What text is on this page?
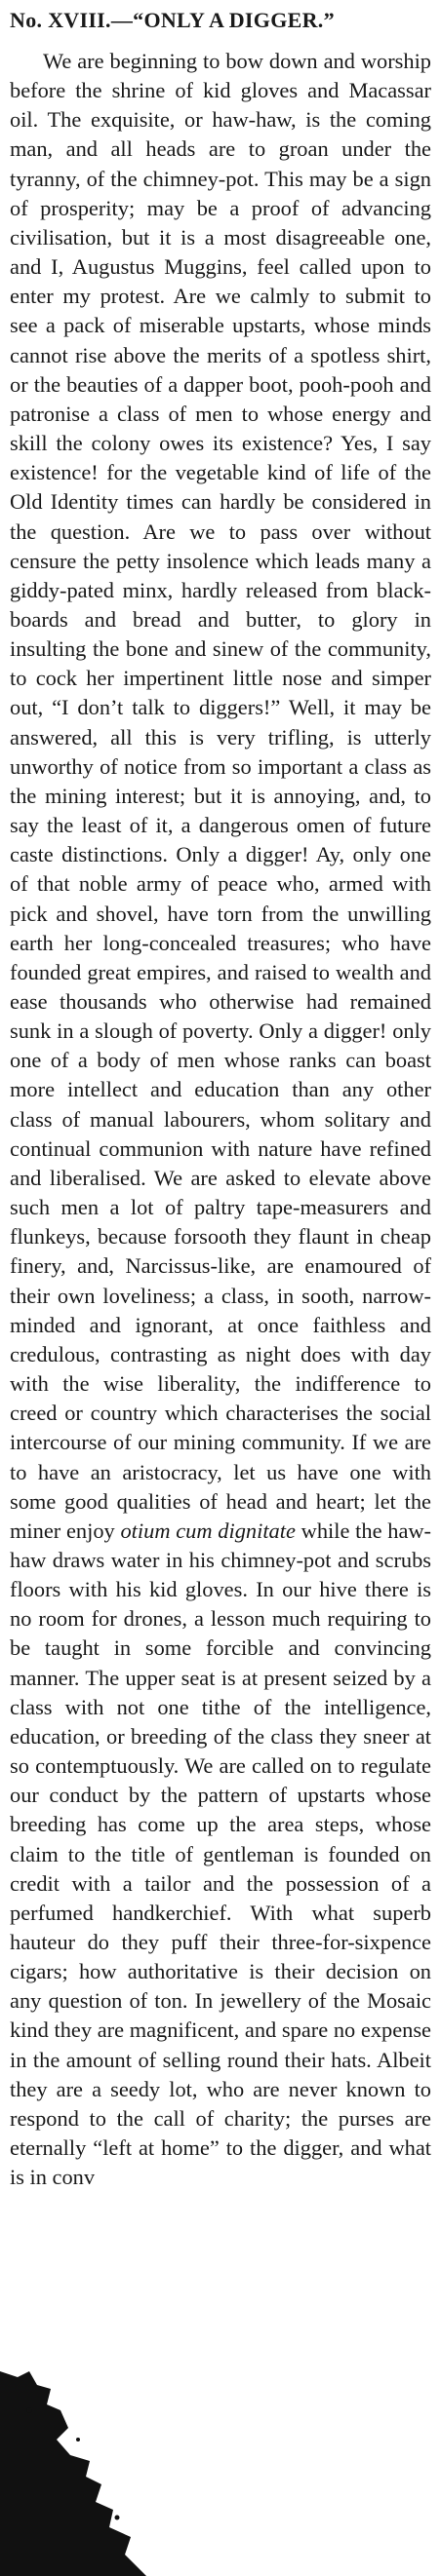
No. XVIII.—“ONLY A DIGGER.”

We are beginning to bow down and worship before the shrine of kid gloves and Macassar oil. The exquisite, or haw-haw, is the coming man, and all heads are to groan under the tyranny, of the chimney-pot. This may be a sign of prosperity; may be a proof of advancing civilisation, but it is a most disagreeable one, and I, Augustus Muggins, feel called upon to enter my protest. Are we calmly to submit to see a pack of miserable upstarts, whose minds cannot rise above the merits of a spotless shirt, or the beauties of a dapper boot, pooh-pooh and patronise a class of men to whose energy and skill the colony owes its existence? Yes, I say existence! for the vegetable kind of life of the Old Identity times can hardly be considered in the question. Are we to pass over without censure the petty insolence which leads many a giddy-pated minx, hardly released from black-boards and bread and butter, to glory in insulting the bone and sinew of the community, to cock her impertinent little nose and simper out, “I don’t talk to diggers!” Well, it may be answered, all this is very trifling, is utterly unworthy of notice from so important a class as the mining interest; but it is annoying, and, to say the least of it, a dangerous omen of future caste distinctions. Only a digger! Ay, only one of that noble army of peace who, armed with pick and shovel, have torn from the unwilling earth her long-concealed treasures; who have founded great empires, and raised to wealth and ease thousands who otherwise had remained sunk in a slough of poverty. Only a digger! only one of a body of men whose ranks can boast more intellect and education than any other class of manual labourers, whom solitary and continual communion with nature have refined and liberalised. We are asked to elevate above such men a lot of paltry tape-measurers and flunkeys, because forsooth they flaunt in cheap finery, and, Narcissus-like, are enamoured of their own loveliness; a class, in sooth, narrow-minded and ignorant, at once faithless and credulous, contrasting as night does with day with the wise liberality, the indifference to creed or country which characterises the social intercourse of our mining community. If we are to have an aristocracy, let us have one with some good qualities of head and heart; let the miner enjoy otium cum dignitate while the haw-haw draws water in his chimney-pot and scrubs floors with his kid gloves. In our hive there is no room for drones, a lesson much requiring to be taught in some forcible and convincing manner. The upper seat is at present seized by a class with not one tithe of the intelligence, education, or breeding of the class they sneer at so contemptuously. We are called on to regulate our conduct by the pattern of upstarts whose breeding has come up the area steps, whose claim to the title of gentleman is founded on credit with a tailor and the possession of a perfumed handkerchief. With what superb hauteur do they puff their three-for-sixpence cigars; how authoritative is their decision on any question of ton. In jewellery of the Mosaic kind they are magnificent, and spare no expense in the amount of selling round their hats. Albeit they are a seedy lot, who are never known to respond to the call of charity; the purses are eternally “left at home” to the digger, and what is in conv
